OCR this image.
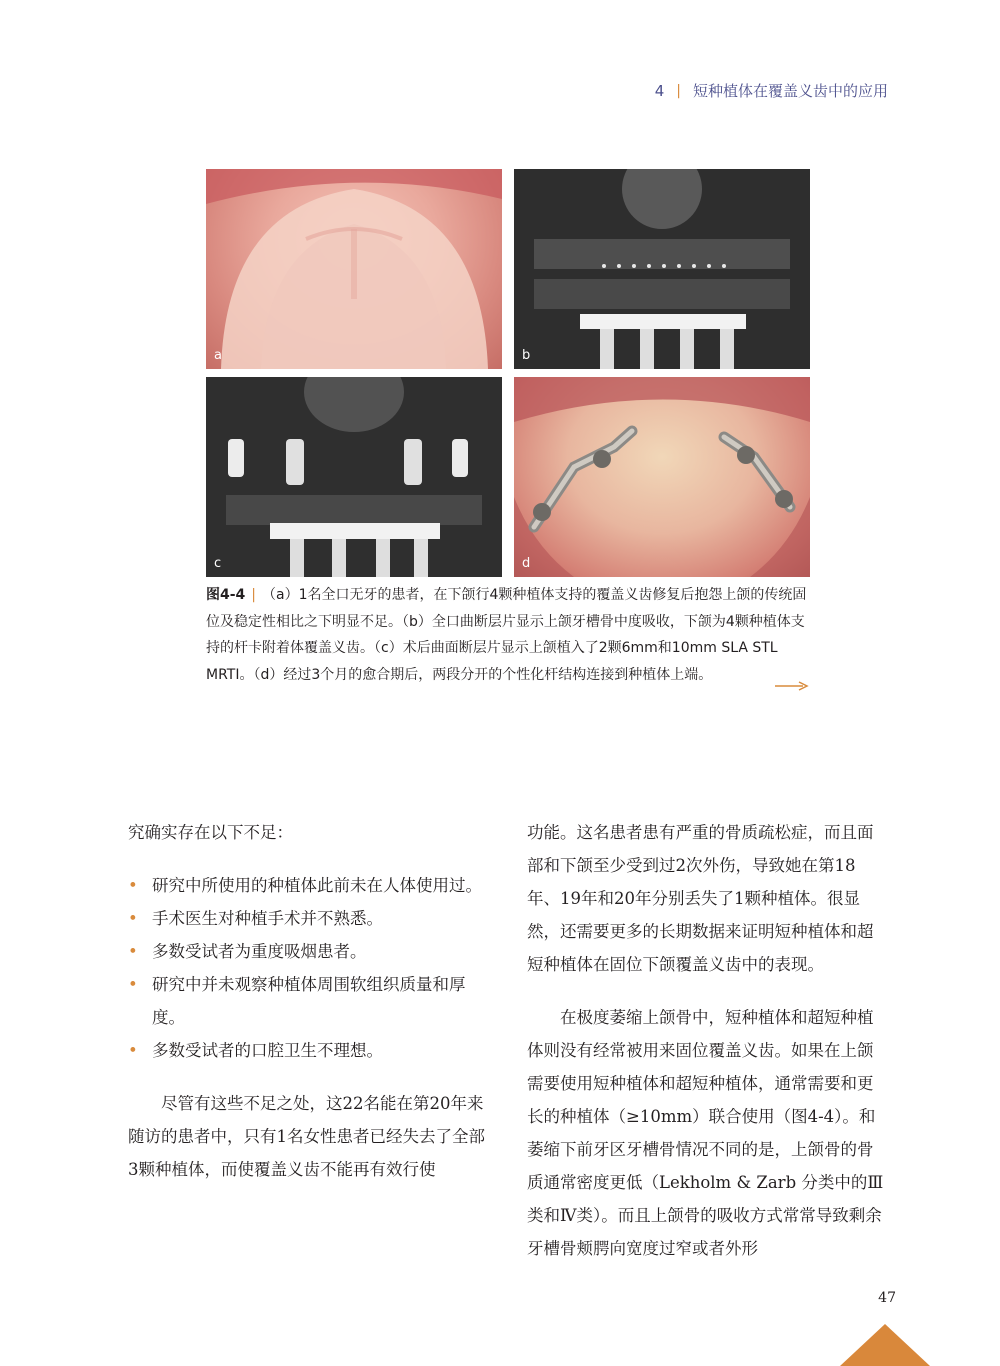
4 | 短种植体在覆盖义齿中的应用
a	b
c	d
图4-4 | （a）1名全口无牙的患者，在下颌行4颗种植体支持的覆盖义齿修复后抱怨上颌的传统固位及稳定性相比之下明显不足。（b）全口曲断层片显示上颌牙槽骨中度吸收，下颌为4颗种植体支持的杆卡附着体覆盖义齿。（c）术后曲面断层片显示上颌植入了2颗6mm和10mm SLA STL MRTI。（d）经过3个月的愈合期后，两段分开的个性化杆结构连接到种植体上端。

究确实存在以下不足：

• 研究中所使用的种植体此前未在人体使用过。
• 手术医生对种植手术并不熟悉。
• 多数受试者为重度吸烟患者。
• 研究中并未观察种植体周围软组织质量和厚度。
• 多数受试者的口腔卫生不理想。

尽管有这些不足之处，这22名能在第20年来随访的患者中，只有1名女性患者已经失去了全部3颗种植体，而使覆盖义齿不能再有效行使

功能。这名患者患有严重的骨质疏松症，而且面部和下颌至少受到过2次外伤，导致她在第18年、19年和20年分别丢失了1颗种植体。很显然，还需要更多的长期数据来证明短种植体和超短种植体在固位下颌覆盖义齿中的表现。

在极度萎缩上颌骨中，短种植体和超短种植体则没有经常被用来固位覆盖义齿。如果在上颌需要使用短种植体和超短种植体，通常需要和更长的种植体（≥10mm）联合使用（图4-4）。和萎缩下前牙区牙槽骨情况不同的是，上颌骨的骨质通常密度更低（Lekholm & Zarb 分类中的Ⅲ类和Ⅳ类）。而且上颌骨的吸收方式常常导致剩余牙槽骨颊腭向宽度过窄或者外形

47
